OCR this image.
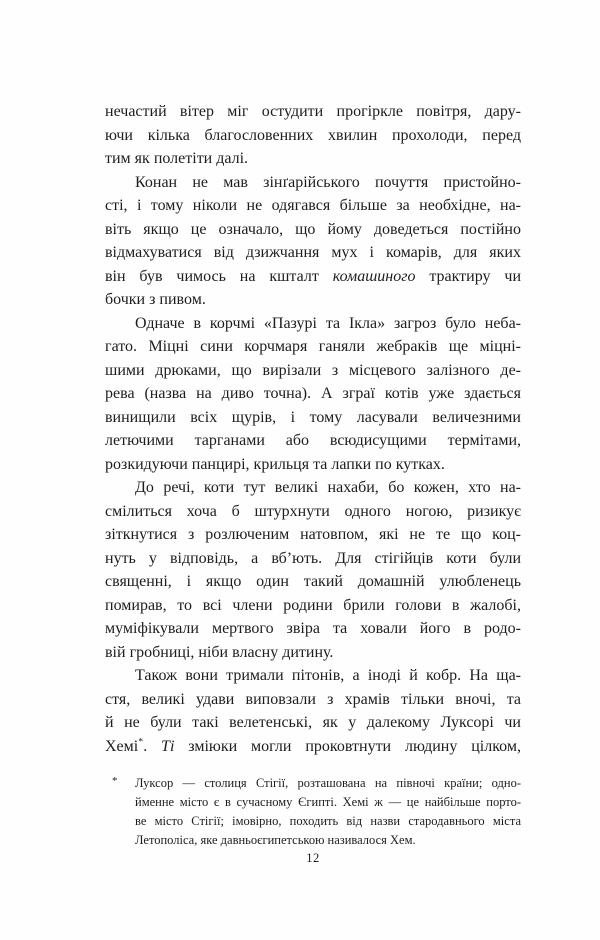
нечастий вітер міг остудити прогіркле повітря, дару-
ючи кілька благословенних хвилин прохолоди, перед
тим як полетіти далі.
Конан не мав зінґарійського почуття пристойно-
сті, і тому ніколи не одягався більше за необхідне, на-
віть якщо це означало, що йому доведеться постійно
відмахуватися від дзижчання мух і комарів, для яких
він був чимось на кшталт комашиного трактиру чи
бочки з пивом.
Одначе в корчмі «Пазурі та Ікла» загроз було неба-
гато. Міцні сини корчмаря ганяли жебраків ще міцні-
шими дрюками, що вирізали з місцевого залізного де-
рева (назва на диво точна). А зграї котів уже здається
винищили всіх щурів, і тому ласували величезними
летючими тарганами або всюдисущими термітами,
розкидуючи панцирі, крильця та лапки по кутках.
До речі, коти тут великі нахаби, бо кожен, хто на-
смілиться хоча б штурхнути одного ногою, ризикує
зіткнутися з розлюченим натовпом, які не те що коц-
нуть у відповідь, а вб’ють. Для стігійців коти були
священні, і якщо один такий домашній улюбленець
помирав, то всі члени родини брили голови в жалобі,
муміфікували мертвого звіра та ховали його в родо-
вій гробниці, ніби власну дитину.
Також вони тримали пітонів, а іноді й кобр. На ща-
стя, великі удави виповзали з храмів тільки вночі, та
й не були такі велетенські, як у далекому Луксорі чи
Хемі*. Ті зміюки могли проковтнути людину цілком,
* Луксор — столиця Стігії, розташована на півночі країни; одно-
йменне місто є в сучасному Єгипті. Хемі ж — це найбільше порто-
ве місто Стігії; імовірно, походить від назви стародавнього міста
Летополіса, яке давньоєгипетською називалося Хем.
12
